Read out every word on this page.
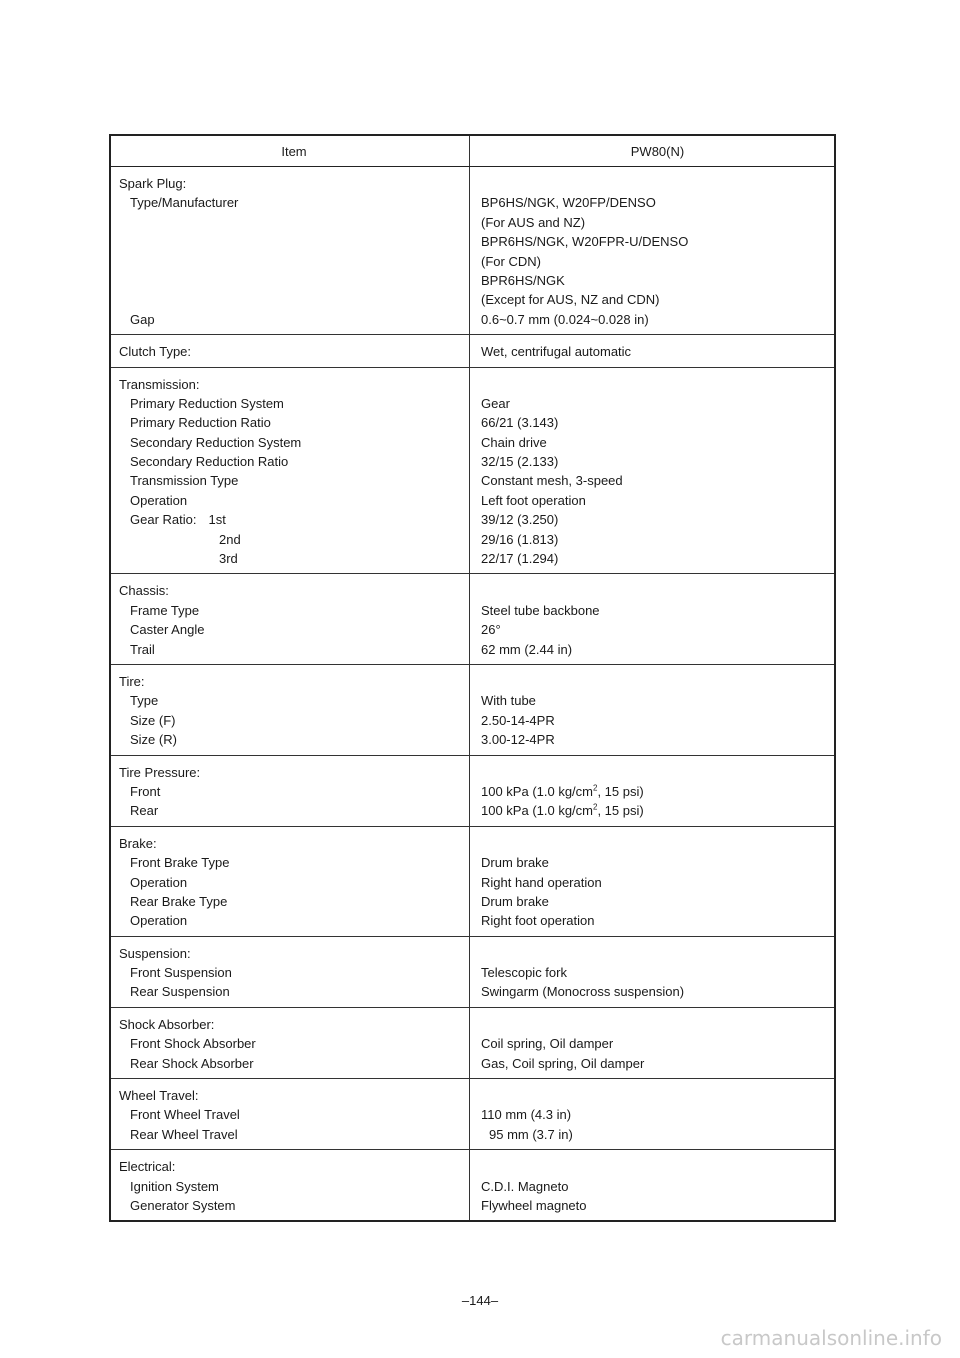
Item	PW80(N)
Spark Plug:
Type/Manufacturer
Gap
BP6HS/NGK, W20FP/DENSO
(For AUS and NZ)
BPR6HS/NGK, W20FPR-U/DENSO
(For CDN)
BPR6HS/NGK
(Except for AUS, NZ and CDN)
0.6~0.7 mm (0.024~0.028 in)
Clutch Type:	Wet, centrifugal automatic
Transmission:
Primary Reduction System
Primary Reduction Ratio
Secondary Reduction System
Secondary Reduction Ratio
Transmission Type
Operation
Gear Ratio: 1st
2nd
3rd
Gear
66/21 (3.143)
Chain drive
32/15 (2.133)
Constant mesh, 3-speed
Left foot operation
39/12 (3.250)
29/16 (1.813)
22/17 (1.294)
Chassis:
Frame Type
Caster Angle
Trail
Steel tube backbone
26°
62 mm (2.44 in)
Tire:
Type
Size (F)
Size (R)
With tube
2.50-14-4PR
3.00-12-4PR
Tire Pressure:
Front
Rear
100 kPa (1.0 $kg/cm^2$, 15 psi)
100 kPa (1.0 $kg/cm^2$, 15 psi)
Brake:
Front Brake Type
Operation
Rear Brake Type
Operation
Drum brake
Right hand operation
Drum brake
Right foot operation
Suspension:
Front Suspension
Rear Suspension
Telescopic fork
Swingarm (Monocross suspension)
Shock Absorber:
Front Shock Absorber
Rear Shock Absorber
Coil spring, Oil damper
Gas, Coil spring, Oil damper
Wheel Travel:
Front Wheel Travel
Rear Wheel Travel
110 mm (4.3 in)
95 mm (3.7 in)
Electrical:
Ignition System
Generator System
C.D.I. Magneto
Flywheel magneto
–144–
carmanualsonline.info
